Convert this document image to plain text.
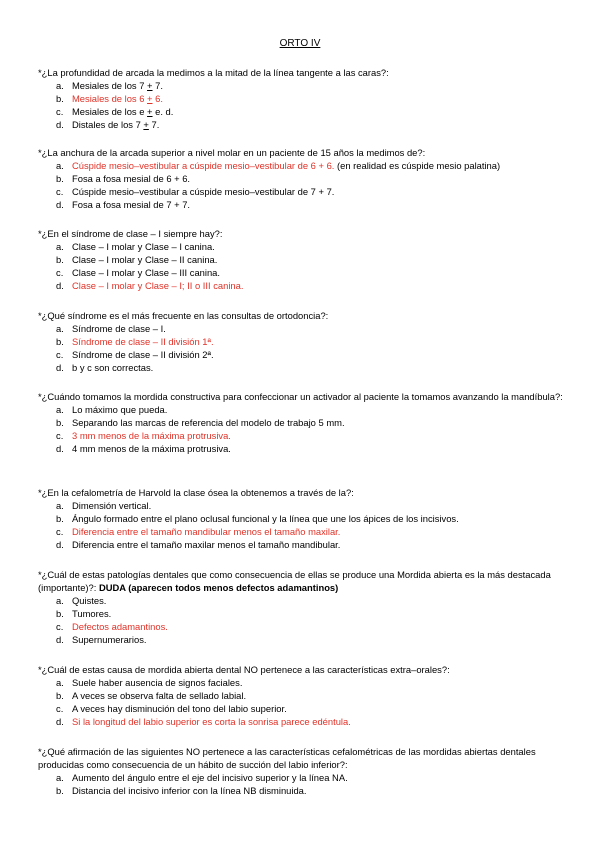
ORTO IV

*¿La profundidad de arcada la medimos a la mitad de la línea tangente a las caras?:

a. Mesiales de los 7 + 7.
b. Mesiales de los 6 + 6.
c. Mesiales de los e + e. d.
d. Distales de los 7 + 7.

*¿La anchura de la arcada superior a nivel molar en un paciente de 15 años la medimos de?:

a. Cúspide mesio–vestibular a cúspide mesio–vestibular de 6 + 6. (en realidad es cúspide mesio palatina)
b. Fosa a fosa mesial de 6 + 6.
c. Cúspide mesio–vestibular a cúspide mesio–vestibular de 7 + 7.
d. Fosa a fosa mesial de 7 + 7.

*¿En el síndrome de clase – I siempre hay?:

a. Clase – I molar y Clase – I canina.
b. Clase – I molar y Clase – II canina.
c. Clase – I molar y Clase – III canina.
d. Clase – I molar y Clase – I; II o III canina.

*¿Qué síndrome es el más frecuente en las consultas de ortodoncia?:

a. Síndrome de clase – I.
b. Síndrome de clase – II división 1ª.
c. Síndrome de clase – II división 2ª.
d. b y c son correctas.

*¿Cuándo tomamos la mordida constructiva para confeccionar un activador al paciente la tomamos avanzando la mandíbula?:

a. Lo máximo que pueda.
b. Separando las marcas de referencia del modelo de trabajo 5 mm.
c. 3 mm menos de la máxima protrusiva.
d. 4 mm menos de la máxima protrusiva.

*¿En la cefalometría de Harvold la clase ósea la obtenemos a través de la?:

a. Dimensión vertical.
b. Ángulo formado entre el plano oclusal funcional y la línea que une los ápices de los incisivos.
c. Diferencia entre el tamaño mandibular menos el tamaño maxilar.
d. Diferencia entre el tamaño maxilar menos el tamaño mandibular.

*¿Cuál de estas patologías dentales que como consecuencia de ellas se produce una Mordida abierta es la más destacada (importante)?: DUDA (aparecen todos menos defectos adamantinos)

a. Quistes.
b. Tumores.
c. Defectos adamantinos.
d. Supernumerarios.

*¿Cuál de estas causa de mordida abierta dental NO pertenece a las características extra–orales?:

a. Suele haber ausencia de signos faciales.
b. A veces se observa falta de sellado labial.
c. A veces hay disminución del tono del labio superior.
d. Si la longitud del labio superior es corta la sonrisa parece edéntula.

*¿Qué afirmación de las siguientes NO pertenece a las características cefalométricas de las mordidas abiertas dentales producidas como consecuencia de un hábito de succión del labio inferior?:

a. Aumento del ángulo entre el eje del incisivo superior y la línea NA.
b. Distancia del incisivo inferior con la línea NB disminuida.
